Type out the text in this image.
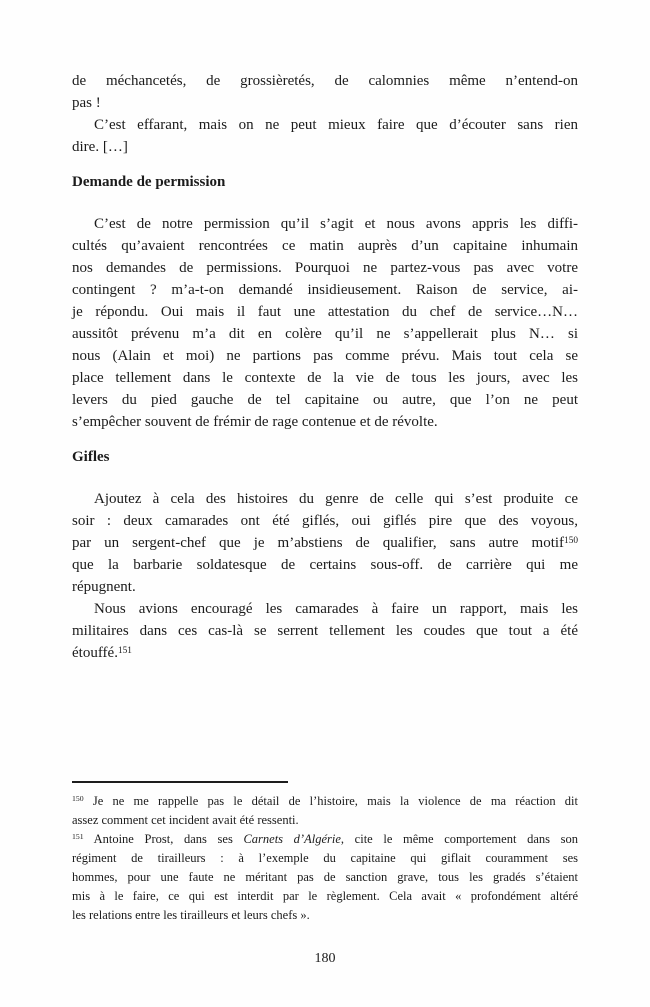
de méchancetés, de grossièretés, de calomnies même n’entend-on
pas !
C’est effarant, mais on ne peut mieux faire que d’écouter sans rien
dire. […]
Demande de permission
C’est de notre permission qu’il s’agit et nous avons appris les diffi-
cultés qu’avaient rencontrées ce matin auprès d’un capitaine inhumain
nos demandes de permissions. Pourquoi ne partez-vous pas avec votre
contingent ? m’a-t-on demandé insidieusement. Raison de service, ai-
je répondu. Oui mais il faut une attestation du chef de service…N…
aussitôt prévenu m’a dit en colère qu’il ne s’appellerait plus N… si
nous (Alain et moi) ne partions pas comme prévu. Mais tout cela se
place tellement dans le contexte de la vie de tous les jours, avec les
levers du pied gauche de tel capitaine ou autre, que l’on ne peut
s’empêcher souvent de frémir de rage contenue et de révolte.
Gifles
Ajoutez à cela des histoires du genre de celle qui s’est produite ce
soir : deux camarades ont été giflés, oui giflés pire que des voyous,
par un sergent-chef que je m’abstiens de qualifier, sans autre motif$^{150}$
que la barbarie soldatesque de certains sous-off. de carrière qui me
répugnent.
Nous avions encouragé les camarades à faire un rapport, mais les
militaires dans ces cas-là se serrent tellement les coudes que tout a été
étouffé.$^{151}$
$^{150}$ Je ne me rappelle pas le détail de l’histoire, mais la violence de ma réaction dit
assez comment cet incident avait été ressenti.
$^{151}$ Antoine Prost, dans ses Carnets d’Algérie, cite le même comportement dans son
régiment de tirailleurs : à l’exemple du capitaine qui giflait couramment ses
hommes, pour une faute ne méritant pas de sanction grave, tous les gradés s’étaient
mis à le faire, ce qui est interdit par le règlement. Cela avait « profondément altéré
les relations entre les tirailleurs et leurs chefs ».
180
